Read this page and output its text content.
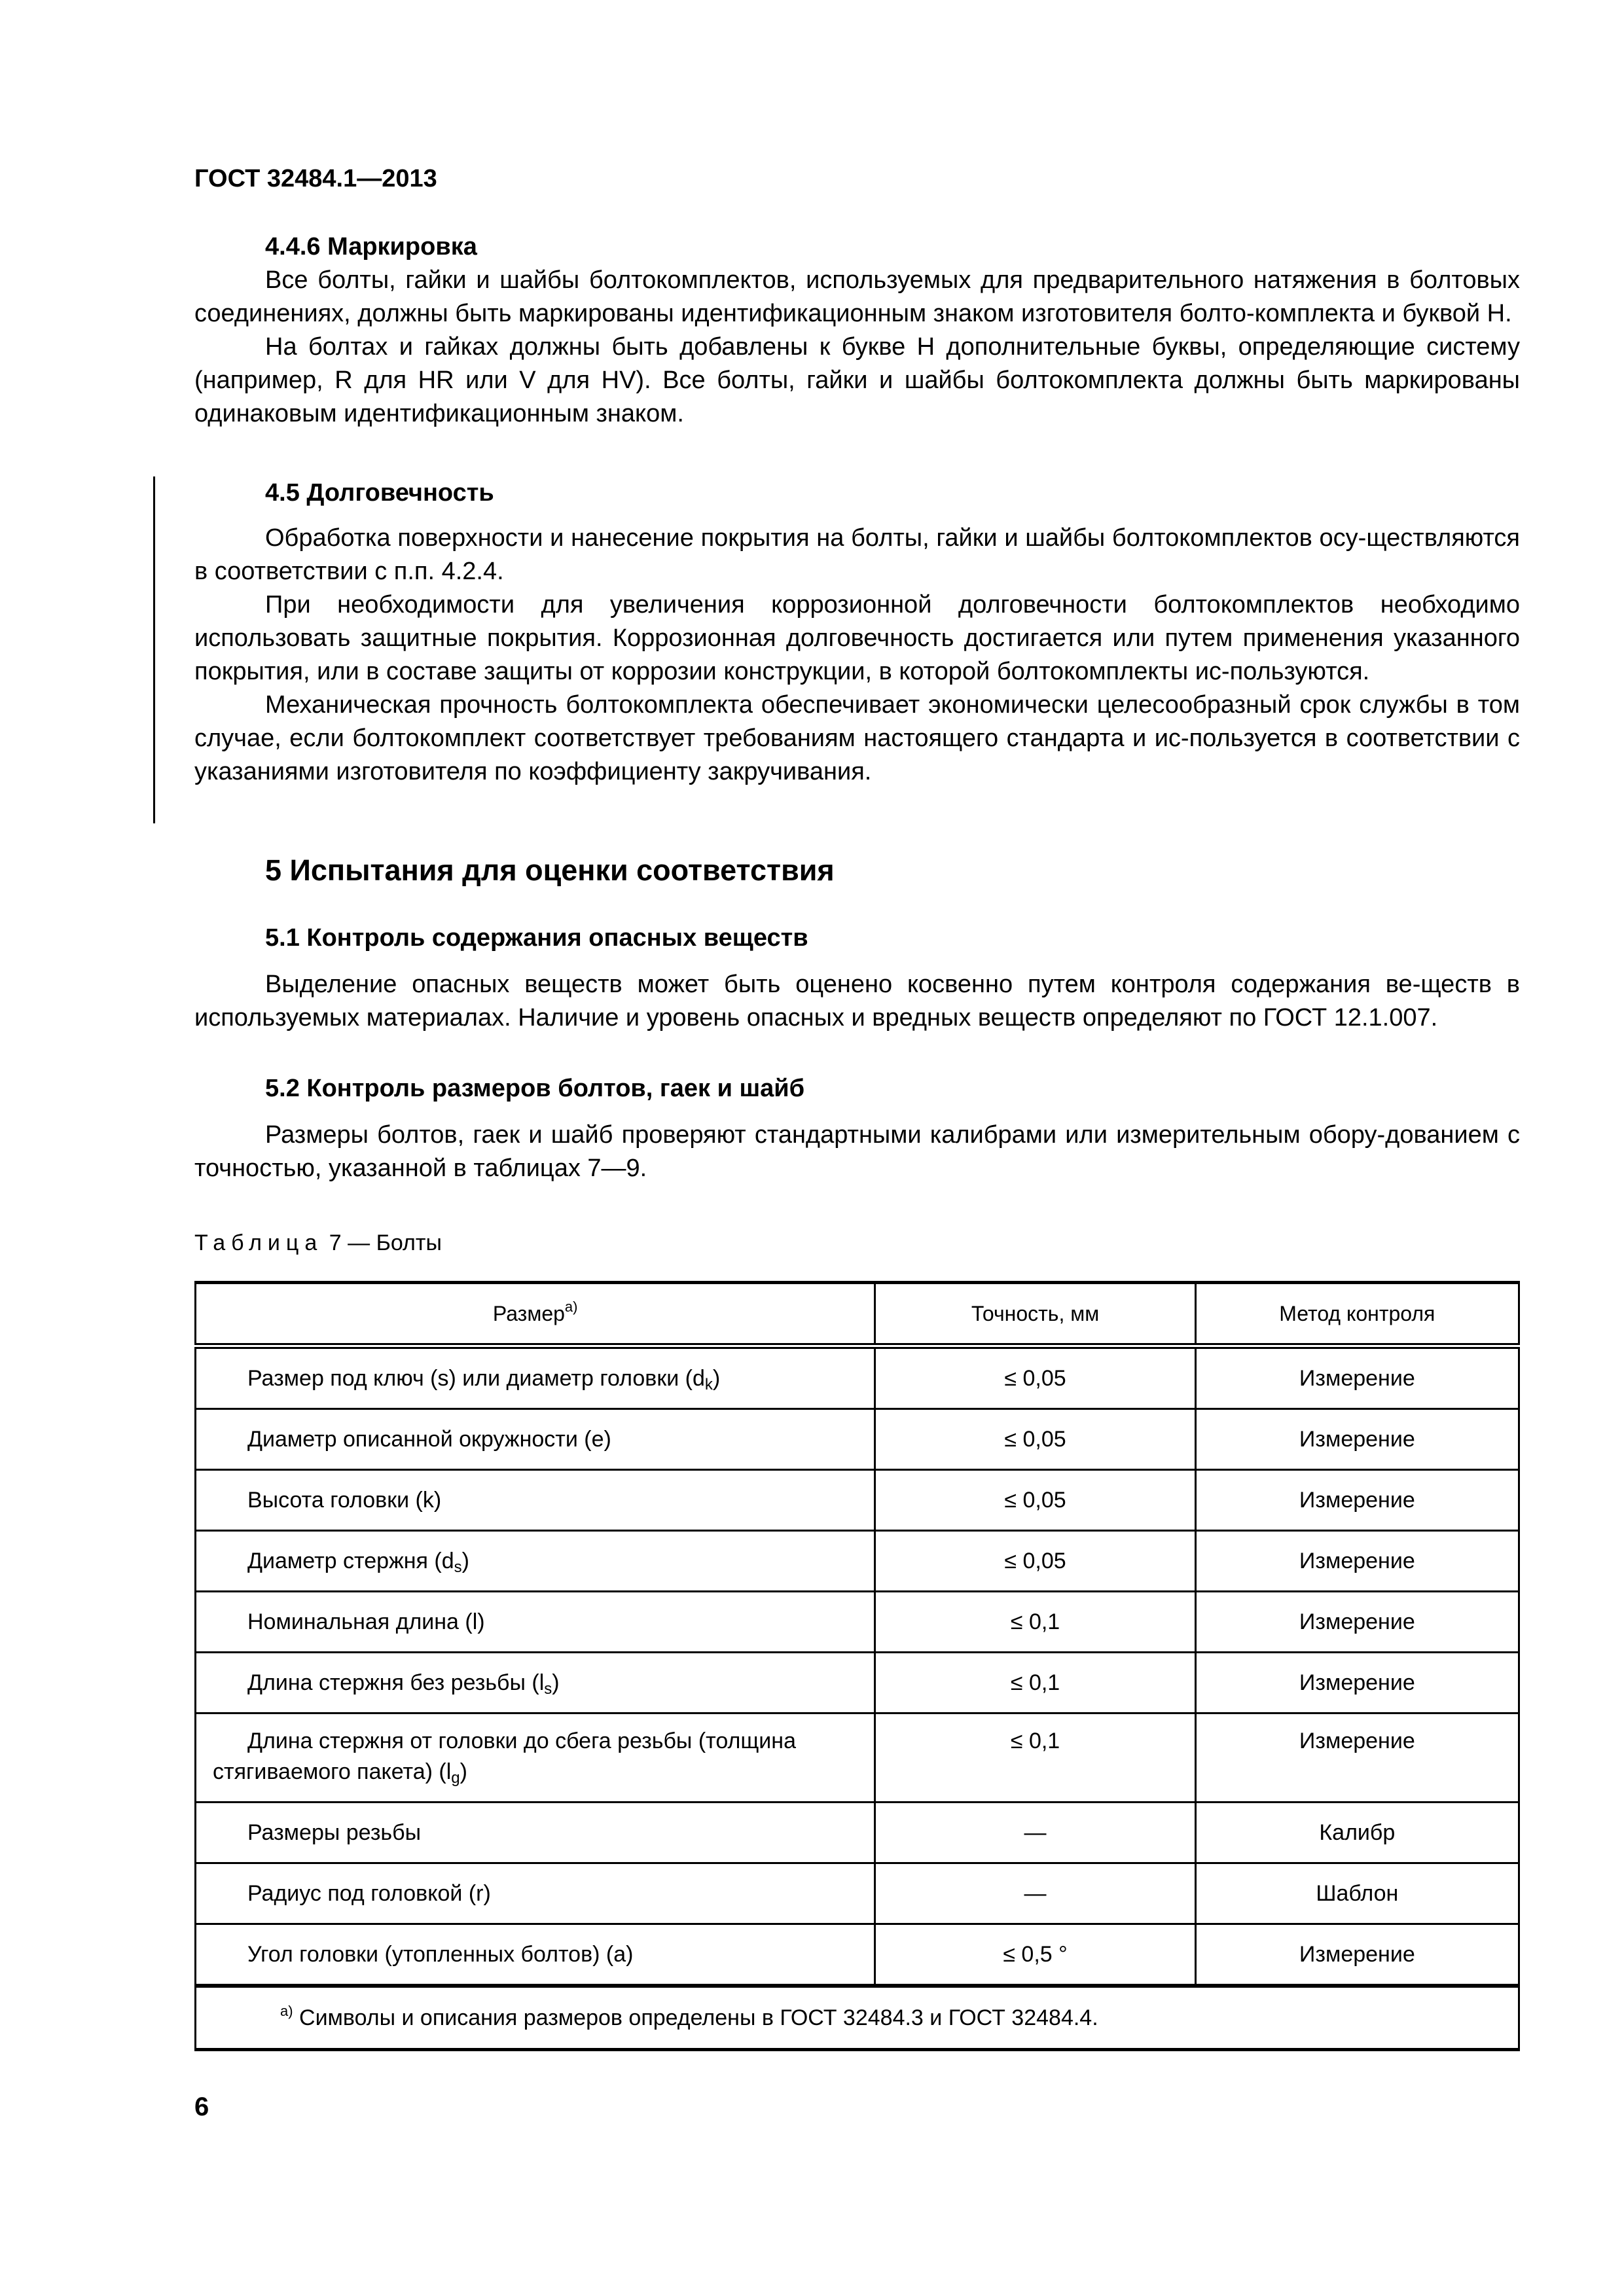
ГОСТ 32484.1—2013
4.4.6 Маркировка

Все болты, гайки и шайбы болтокомплектов, используемых для предварительного натяжения в болтовых соединениях, должны быть маркированы идентификационным знаком изготовителя болто-комплекта и буквой H.

На болтах и гайках должны быть добавлены к букве H дополнительные буквы, определяющие систему (например, R для HR или V для HV). Все болты, гайки и шайбы болтокомплекта должны быть маркированы одинаковым идентификационным знаком.

4.5 Долговечность

Обработка поверхности и нанесение покрытия на болты, гайки и шайбы болтокомплектов осу-ществляются в соответствии с п.п. 4.2.4.

При необходимости для увеличения коррозионной долговечности болтокомплектов необходимо использовать защитные покрытия. Коррозионная долговечность достигается или путем применения указанного покрытия, или в составе защиты от коррозии конструкции, в которой болтокомплекты ис-пользуются.

Механическая прочность болтокомплекта обеспечивает экономически целесообразный срок службы в том случае, если болтокомплект соответствует требованиям настоящего стандарта и ис-пользуется в соответствии с указаниями изготовителя по коэффициенту закручивания.

5 Испытания для оценки соответствия
5.1 Контроль содержания опасных веществ

Выделение опасных веществ может быть оценено косвенно путем контроля содержания ве-ществ в используемых материалах. Наличие и уровень опасных и вредных веществ определяют по ГОСТ 12.1.007.

5.2 Контроль размеров болтов, гаек и шайб

Размеры болтов, гаек и шайб проверяют стандартными калибрами или измерительным обору-дованием с точностью, указанной в таблицах 7—9.

Таблица 7 — Болты
Размер$^{а)}$	Точность, мм	Метод контроля
Размер под ключ (s) или диаметр головки $(d_k)$	≤ 0,05	Измерение
Диаметр описанной окружности (e)	≤ 0,05	Измерение
Высота головки (k)	≤ 0,05	Измерение
Диаметр стержня $(d_s)$	≤ 0,05	Измерение
Номинальная длина (l)	≤ 0,1	Измерение
Длина стержня без резьбы $(l_s)$	≤ 0,1	Измерение
Длина стержня от головки до сбега резьбы (толщина стягиваемого пакета) $(l_g)$	≤ 0,1	Измерение
Размеры резьбы	—	Калибр
Радиус под головкой (r)	—	Шаблон
Угол головки (утопленных болтов) (a)	≤ 0,5 °	Измерение
$^{а)}$ Символы и описания размеров определены в ГОСТ 32484.3 и ГОСТ 32484.4.		
6
